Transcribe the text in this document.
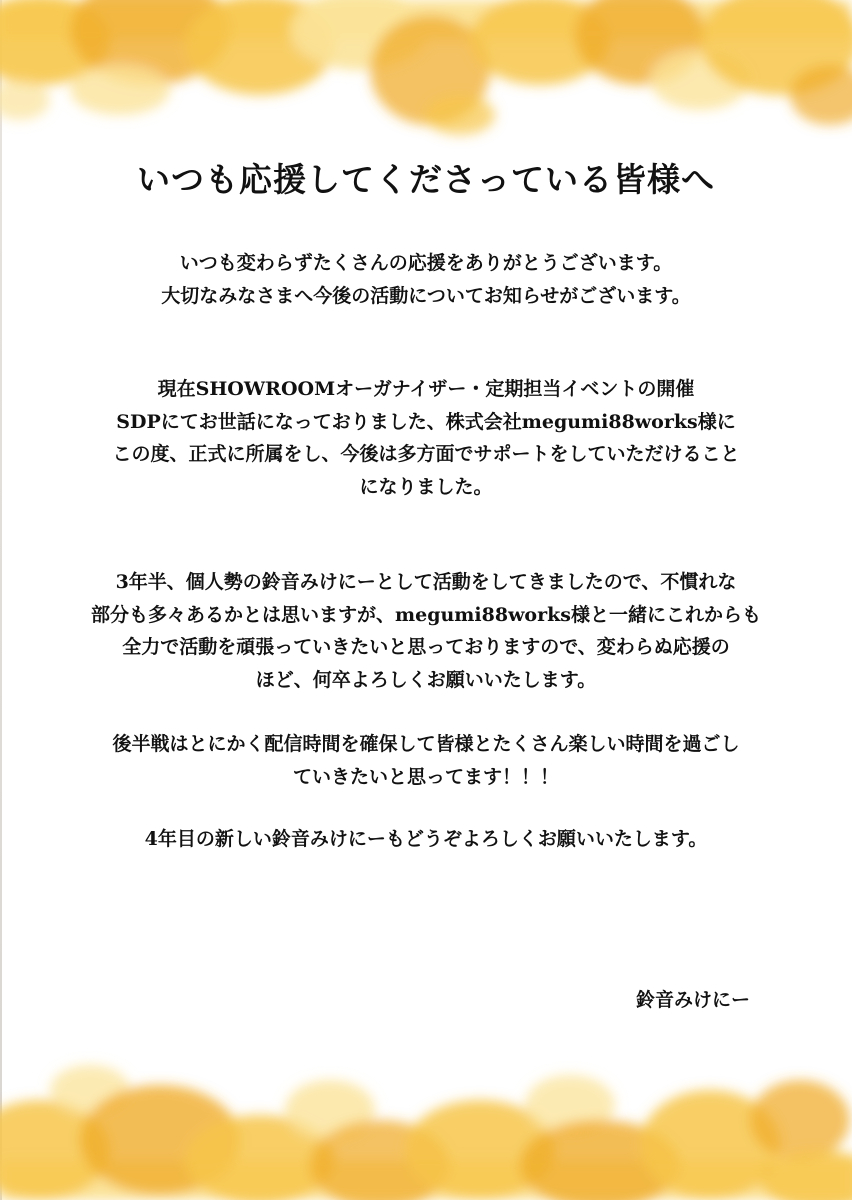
いつも応援してくださっている皆様へ
いつも変わらずたくさんの応援をありがとうございます。
大切なみなさまへ今後の活動についてお知らせがございます。
現在SHOWROOMオーガナイザー・定期担当イベントの開催
SDPにてお世話になっておりました、株式会社megumi88works様に
この度、正式に所属をし、今後は多方面でサポートをしていただけること
になりました。
3年半、個人勢の鈴音みけにーとして活動をしてきましたので、不慣れな
部分も多々あるかとは思いますが、megumi88works様と一緒にこれからも
全力で活動を頑張っていきたいと思っておりますので、変わらぬ応援の
ほど、何卒よろしくお願いいたします。
後半戦はとにかく配信時間を確保して皆様とたくさん楽しい時間を過ごし
ていきたいと思ってます！！！
4年目の新しい鈴音みけにーもどうぞよろしくお願いいたします。
鈴音みけにー
